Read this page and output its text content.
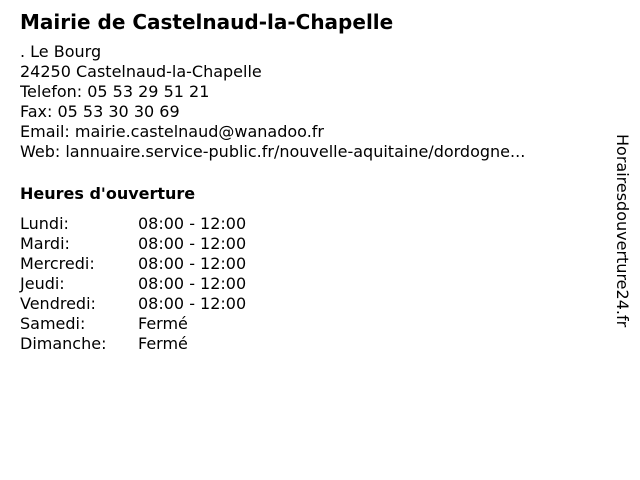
Mairie de Castelnaud-la-Chapelle
. Le Bourg
24250 Castelnaud-la-Chapelle
Telefon: 05 53 29 51 21
Fax: 05 53 30 30 69
Email: mairie.castelnaud@wanadoo.fr
Web: lannuaire.service-public.fr/nouvelle-aquitaine/dordogne...
Heures d'ouverture
Lundi:	08:00 - 12:00
Mardi:	08:00 - 12:00
Mercredi:	08:00 - 12:00
Jeudi:	08:00 - 12:00
Vendredi:	08:00 - 12:00
Samedi:	Fermé
Dimanche:	Fermé
Horairesdouverture24.fr
